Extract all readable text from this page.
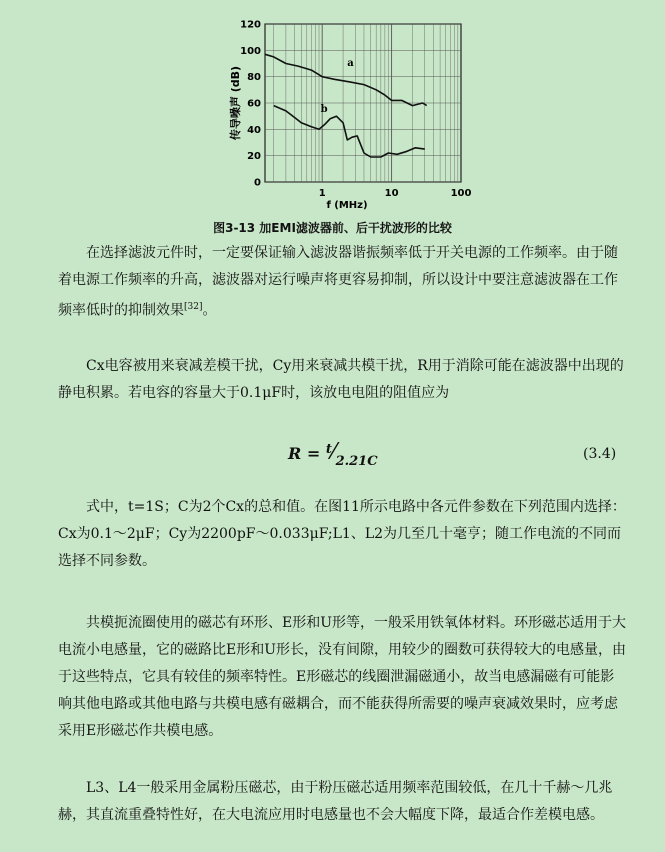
0
20
40
60
80
100
120
1	10	100
f (MHz)
传导噪声 (dB)
a
b
图3-13 加EMI滤波器前、后干扰波形的比较
在选择滤波元件时，一定要保证输入滤波器谐振频率低于开关电源的工作频率。由于随着电源工作频率的升高，滤波器对运行噪声将更容易抑制，所以设计中要注意滤波器在工作频率低时的抑制效果[32]。
Cx电容被用来衰减差模干扰，Cy用来衰减共模干扰，R用于消除可能在滤波器中出现的静电积累。若电容的容量大于0.1μF时，该放电电阻的阻值应为
$R = ^t⁄_{2.21C}$	(3.4)
式中，t=1S；C为2个Cx的总和值。在图11所示电路中各元件参数在下列范围内选择：Cx为0.1～2μF；Cy为2200pF～0.033μF;L1、L2为几至几十毫亨；随工作电流的不同而选择不同参数。
共模扼流圈使用的磁芯有环形、E形和U形等，一般采用铁氧体材料。环形磁芯适用于大电流小电感量，它的磁路比E形和U形长，没有间隙，用较少的圈数可获得较大的电感量，由于这些特点，它具有较佳的频率特性。E形磁芯的线圈泄漏磁通小，故当电感漏磁有可能影响其他电路或其他电路与共模电感有磁耦合，而不能获得所需要的噪声衰减效果时，应考虑采用E形磁芯作共模电感。
L3、L4一般采用金属粉压磁芯，由于粉压磁芯适用频率范围较低，在几十千赫～几兆赫，其直流重叠特性好，在大电流应用时电感量也不会大幅度下降，最适合作差模电感。
